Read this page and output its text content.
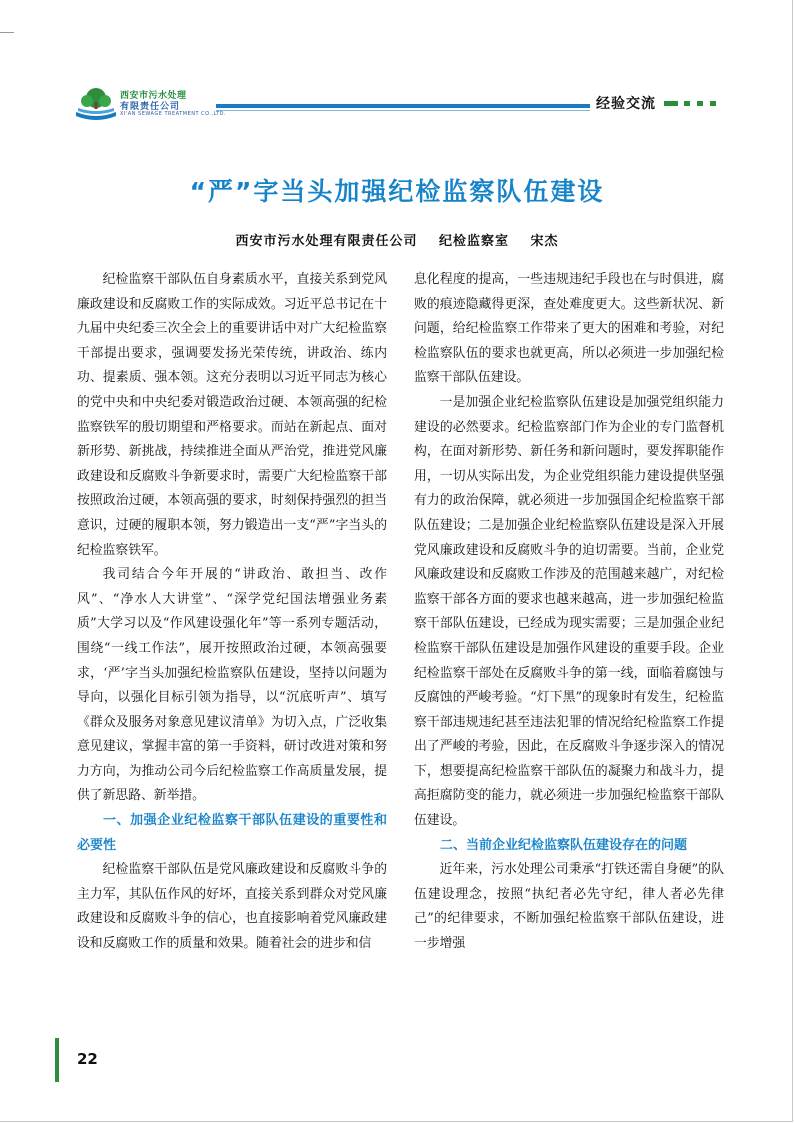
西安市污水处理
有限责任公司
XI'AN SEWAGE TREATMENT CO.,LTD.
经验交流
“严”字当头加强纪检监察队伍建设
西安市污水处理有限责任公司 纪检监察室 宋杰

纪检监察干部队伍自身素质水平，直接关系到党风廉政建设和反腐败工作的实际成效。习近平总书记在十九届中央纪委三次全会上的重要讲话中对广大纪检监察干部提出要求，强调要发扬光荣传统，讲政治、练内功、提素质、强本领。这充分表明以习近平同志为核心的党中央和中央纪委对锻造政治过硬、本领高强的纪检监察铁军的殷切期望和严格要求。而站在新起点、面对新形势、新挑战，持续推进全面从严治党，推进党风廉政建设和反腐败斗争新要求时，需要广大纪检监察干部按照政治过硬，本领高强的要求，时刻保持强烈的担当意识，过硬的履职本领，努力锻造出一支“严”字当头的纪检监察铁军。

我司结合今年开展的“讲政治、敢担当、改作风”、“净水人大讲堂”、“深学党纪国法增强业务素质”大学习以及“作风建设强化年”等一系列专题活动，围绕“一线工作法”，展开按照政治过硬，本领高强要求，‘严’字当头加强纪检监察队伍建设，坚持以问题为导向，以强化目标引领为指导，以“沉底听声”、填写《群众及服务对象意见建议清单》为切入点，广泛收集意见建议，掌握丰富的第一手资料，研讨改进对策和努力方向，为推动公司今后纪检监察工作高质量发展，提供了新思路、新举措。

一、加强企业纪检监察干部队伍建设的重要性和必要性

纪检监察干部队伍是党风廉政建设和反腐败斗争的主力军，其队伍作风的好坏，直接关系到群众对党风廉政建设和反腐败斗争的信心，也直接影响着党风廉政建设和反腐败工作的质量和效果。随着社会的进步和信

息化程度的提高，一些违规违纪手段也在与时俱进，腐败的痕迹隐藏得更深，查处难度更大。这些新状况、新问题，给纪检监察工作带来了更大的困难和考验，对纪检监察队伍的要求也就更高，所以必须进一步加强纪检监察干部队伍建设。

一是加强企业纪检监察队伍建设是加强党组织能力建设的必然要求。纪检监察部门作为企业的专门监督机构，在面对新形势、新任务和新问题时，要发挥职能作用，一切从实际出发，为企业党组织能力建设提供坚强有力的政治保障，就必须进一步加强国企纪检监察干部队伍建设；二是加强企业纪检监察队伍建设是深入开展党风廉政建设和反腐败斗争的迫切需要。当前，企业党风廉政建设和反腐败工作涉及的范围越来越广，对纪检监察干部各方面的要求也越来越高，进一步加强纪检监察干部队伍建设，已经成为现实需要；三是加强企业纪检监察干部队伍建设是加强作风建设的重要手段。企业纪检监察干部处在反腐败斗争的第一线，面临着腐蚀与反腐蚀的严峻考验。“灯下黑”的现象时有发生，纪检监察干部违规违纪甚至违法犯罪的情况给纪检监察工作提出了严峻的考验，因此，在反腐败斗争逐步深入的情况下，想要提高纪检监察干部队伍的凝聚力和战斗力，提高拒腐防变的能力，就必须进一步加强纪检监察干部队伍建设。

二、当前企业纪检监察队伍建设存在的问题

近年来，污水处理公司秉承“打铁还需自身硬”的队伍建设理念，按照“执纪者必先守纪，律人者必先律己”的纪律要求，不断加强纪检监察干部队伍建设，进一步增强

22
